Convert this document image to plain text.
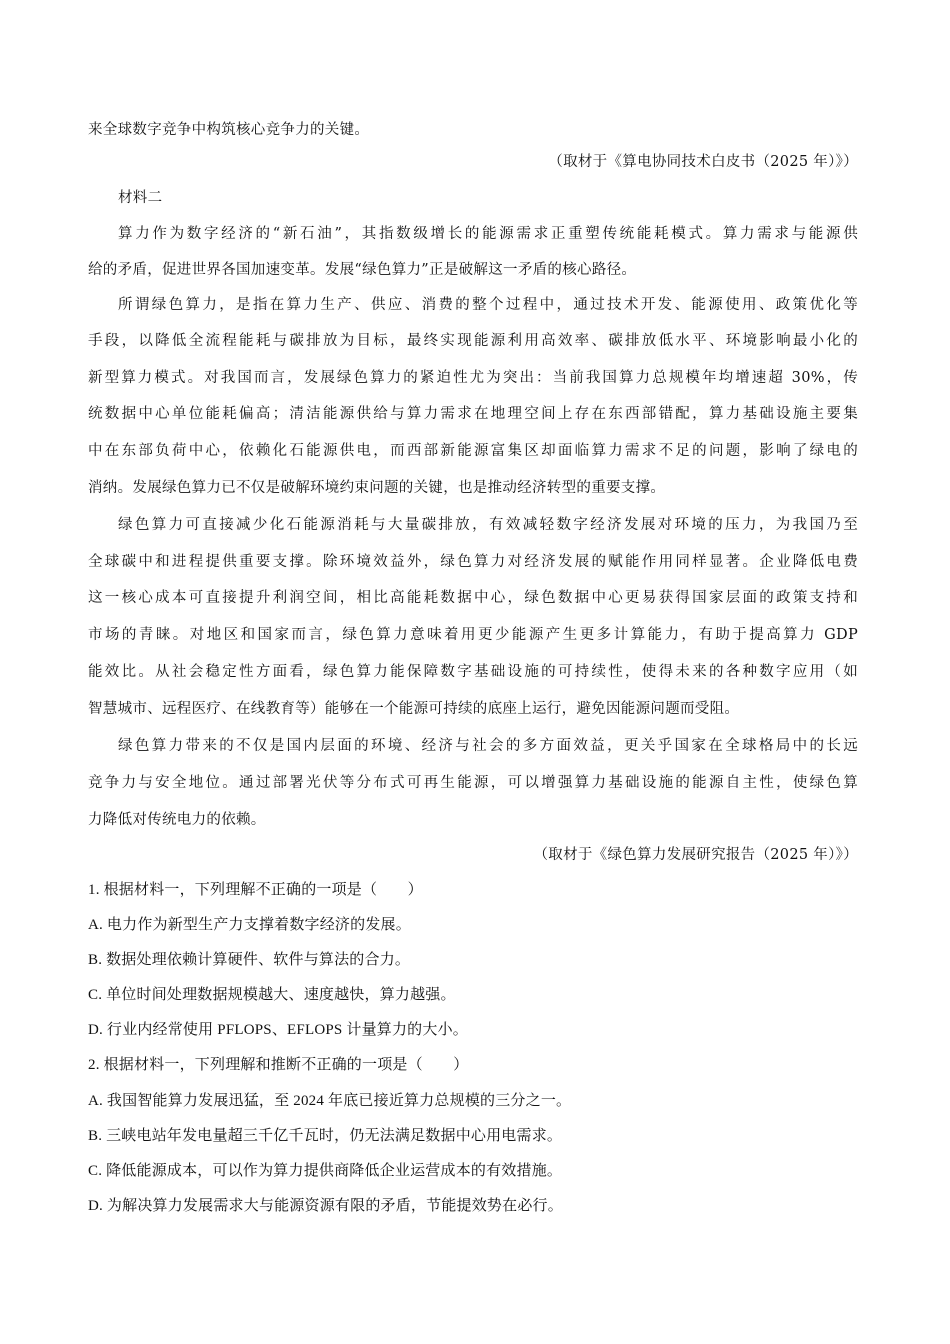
来全球数字竞争中构筑核心竞争力的关键。
（取材于《算电协同技术白皮书（2025 年）》）
材料二
算力作为数字经济的“新石油”，其指数级增长的能源需求正重塑传统能耗模式。算力需求与能源供
给的矛盾，促进世界各国加速变革。发展“绿色算力”正是破解这一矛盾的核心路径。
所谓绿色算力，是指在算力生产、供应、消费的整个过程中，通过技术开发、能源使用、政策优化等
手段，以降低全流程能耗与碳排放为目标，最终实现能源利用高效率、碳排放低水平、环境影响最小化的
新型算力模式。对我国而言，发展绿色算力的紧迫性尤为突出：当前我国算力总规模年均增速超 30%，传
统数据中心单位能耗偏高；清洁能源供给与算力需求在地理空间上存在东西部错配，算力基础设施主要集
中在东部负荷中心，依赖化石能源供电，而西部新能源富集区却面临算力需求不足的问题，影响了绿电的
消纳。发展绿色算力已不仅是破解环境约束问题的关键，也是推动经济转型的重要支撑。
绿色算力可直接减少化石能源消耗与大量碳排放，有效减轻数字经济发展对环境的压力，为我国乃至
全球碳中和进程提供重要支撑。除环境效益外，绿色算力对经济发展的赋能作用同样显著。企业降低电费
这一核心成本可直接提升利润空间，相比高能耗数据中心，绿色数据中心更易获得国家层面的政策支持和
市场的青睐。对地区和国家而言，绿色算力意味着用更少能源产生更多计算能力，有助于提高算力 GDP
能效比。从社会稳定性方面看，绿色算力能保障数字基础设施的可持续性，使得未来的各种数字应用（如
智慧城市、远程医疗、在线教育等）能够在一个能源可持续的底座上运行，避免因能源问题而受阻。
绿色算力带来的不仅是国内层面的环境、经济与社会的多方面效益，更关乎国家在全球格局中的长远
竞争力与安全地位。通过部署光伏等分布式可再生能源，可以增强算力基础设施的能源自主性，使绿色算
力降低对传统电力的依赖。
（取材于《绿色算力发展研究报告（2025 年）》）
1. 根据材料一，下列理解不正确的一项是（　　）
A. 电力作为新型生产力支撑着数字经济的发展。
B. 数据处理依赖计算硬件、软件与算法的合力。
C. 单位时间处理数据规模越大、速度越快，算力越强。
D. 行业内经常使用 PFLOPS、EFLOPS 计量算力的大小。
2. 根据材料一，下列理解和推断不正确的一项是（　　）
A. 我国智能算力发展迅猛，至 2024 年底已接近算力总规模的三分之一。
B. 三峡电站年发电量超三千亿千瓦时，仍无法满足数据中心用电需求。
C. 降低能源成本，可以作为算力提供商降低企业运营成本的有效措施。
D. 为解决算力发展需求大与能源资源有限的矛盾，节能提效势在必行。
